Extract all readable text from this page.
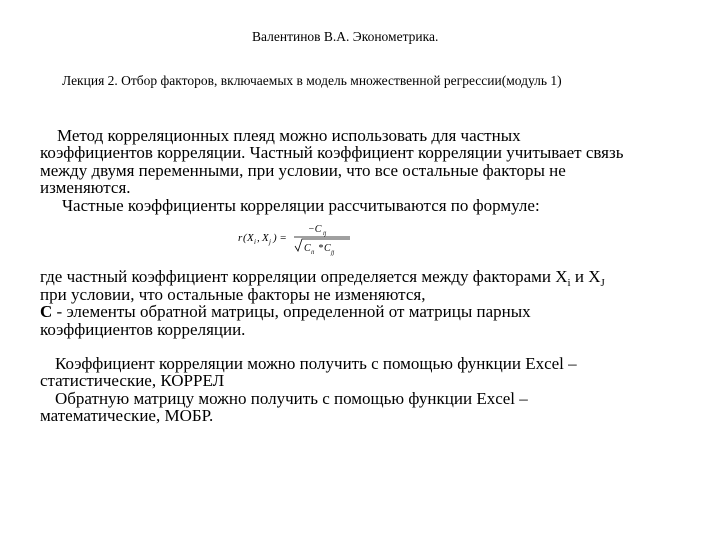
Валентинов В.А. Эконометрика.
Лекция 2. Отбор факторов, включаемых в модель множественной регрессии(модуль 1)
Метод корреляционных плеяд можно использовать для частных
коэффициентов корреляции. Частный коэффициент корреляции учитывает связь
между двумя переменными, при условии, что все остальные факторы не
изменяются.
Частные коэффициенты корреляции рассчитываются по формуле:
r ( X i , X j ) =
−C ij
C ii * C jj
где частный коэффициент корреляции определяется между факторами $X_i$ и $X_J$
при условии, что остальные факторы не изменяются,
C - элементы обратной матрицы, определенной от матрицы парных
коэффициентов корреляции.
Коэффициент корреляции можно получить с помощью функции Excel –
статистические, КОРРЕЛ
Обратную матрицу можно получить с помощью функции Excel –
математические, МОБР.
